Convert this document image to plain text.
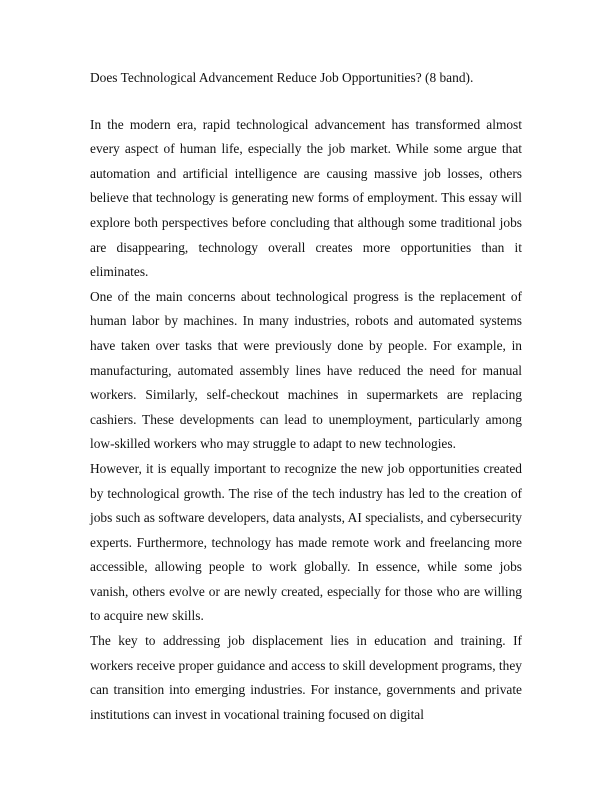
Does Technological Advancement Reduce Job Opportunities? (8 band).

In the modern era, rapid technological advancement has transformed almost every aspect of human life, especially the job market. While some argue that automation and artificial intelligence are causing massive job losses, others believe that technology is generating new forms of employment. This essay will explore both perspectives before concluding that although some traditional jobs are disappearing, technology overall creates more opportunities than it eliminates.

One of the main concerns about technological progress is the replacement of human labor by machines. In many industries, robots and automated systems have taken over tasks that were previously done by people. For example, in manufacturing, automated assembly lines have reduced the need for manual workers. Similarly, self-checkout machines in supermarkets are replacing cashiers. These developments can lead to unemployment, particularly among low-skilled workers who may struggle to adapt to new technologies.

However, it is equally important to recognize the new job opportunities created by technological growth. The rise of the tech industry has led to the creation of jobs such as software developers, data analysts, AI specialists, and cybersecurity experts. Furthermore, technology has made remote work and freelancing more accessible, allowing people to work globally. In essence, while some jobs vanish, others evolve or are newly created, especially for those who are willing to acquire new skills.

The key to addressing job displacement lies in education and training. If workers receive proper guidance and access to skill development programs, they can transition into emerging industries. For instance, governments and private institutions can invest in vocational training focused on digital
